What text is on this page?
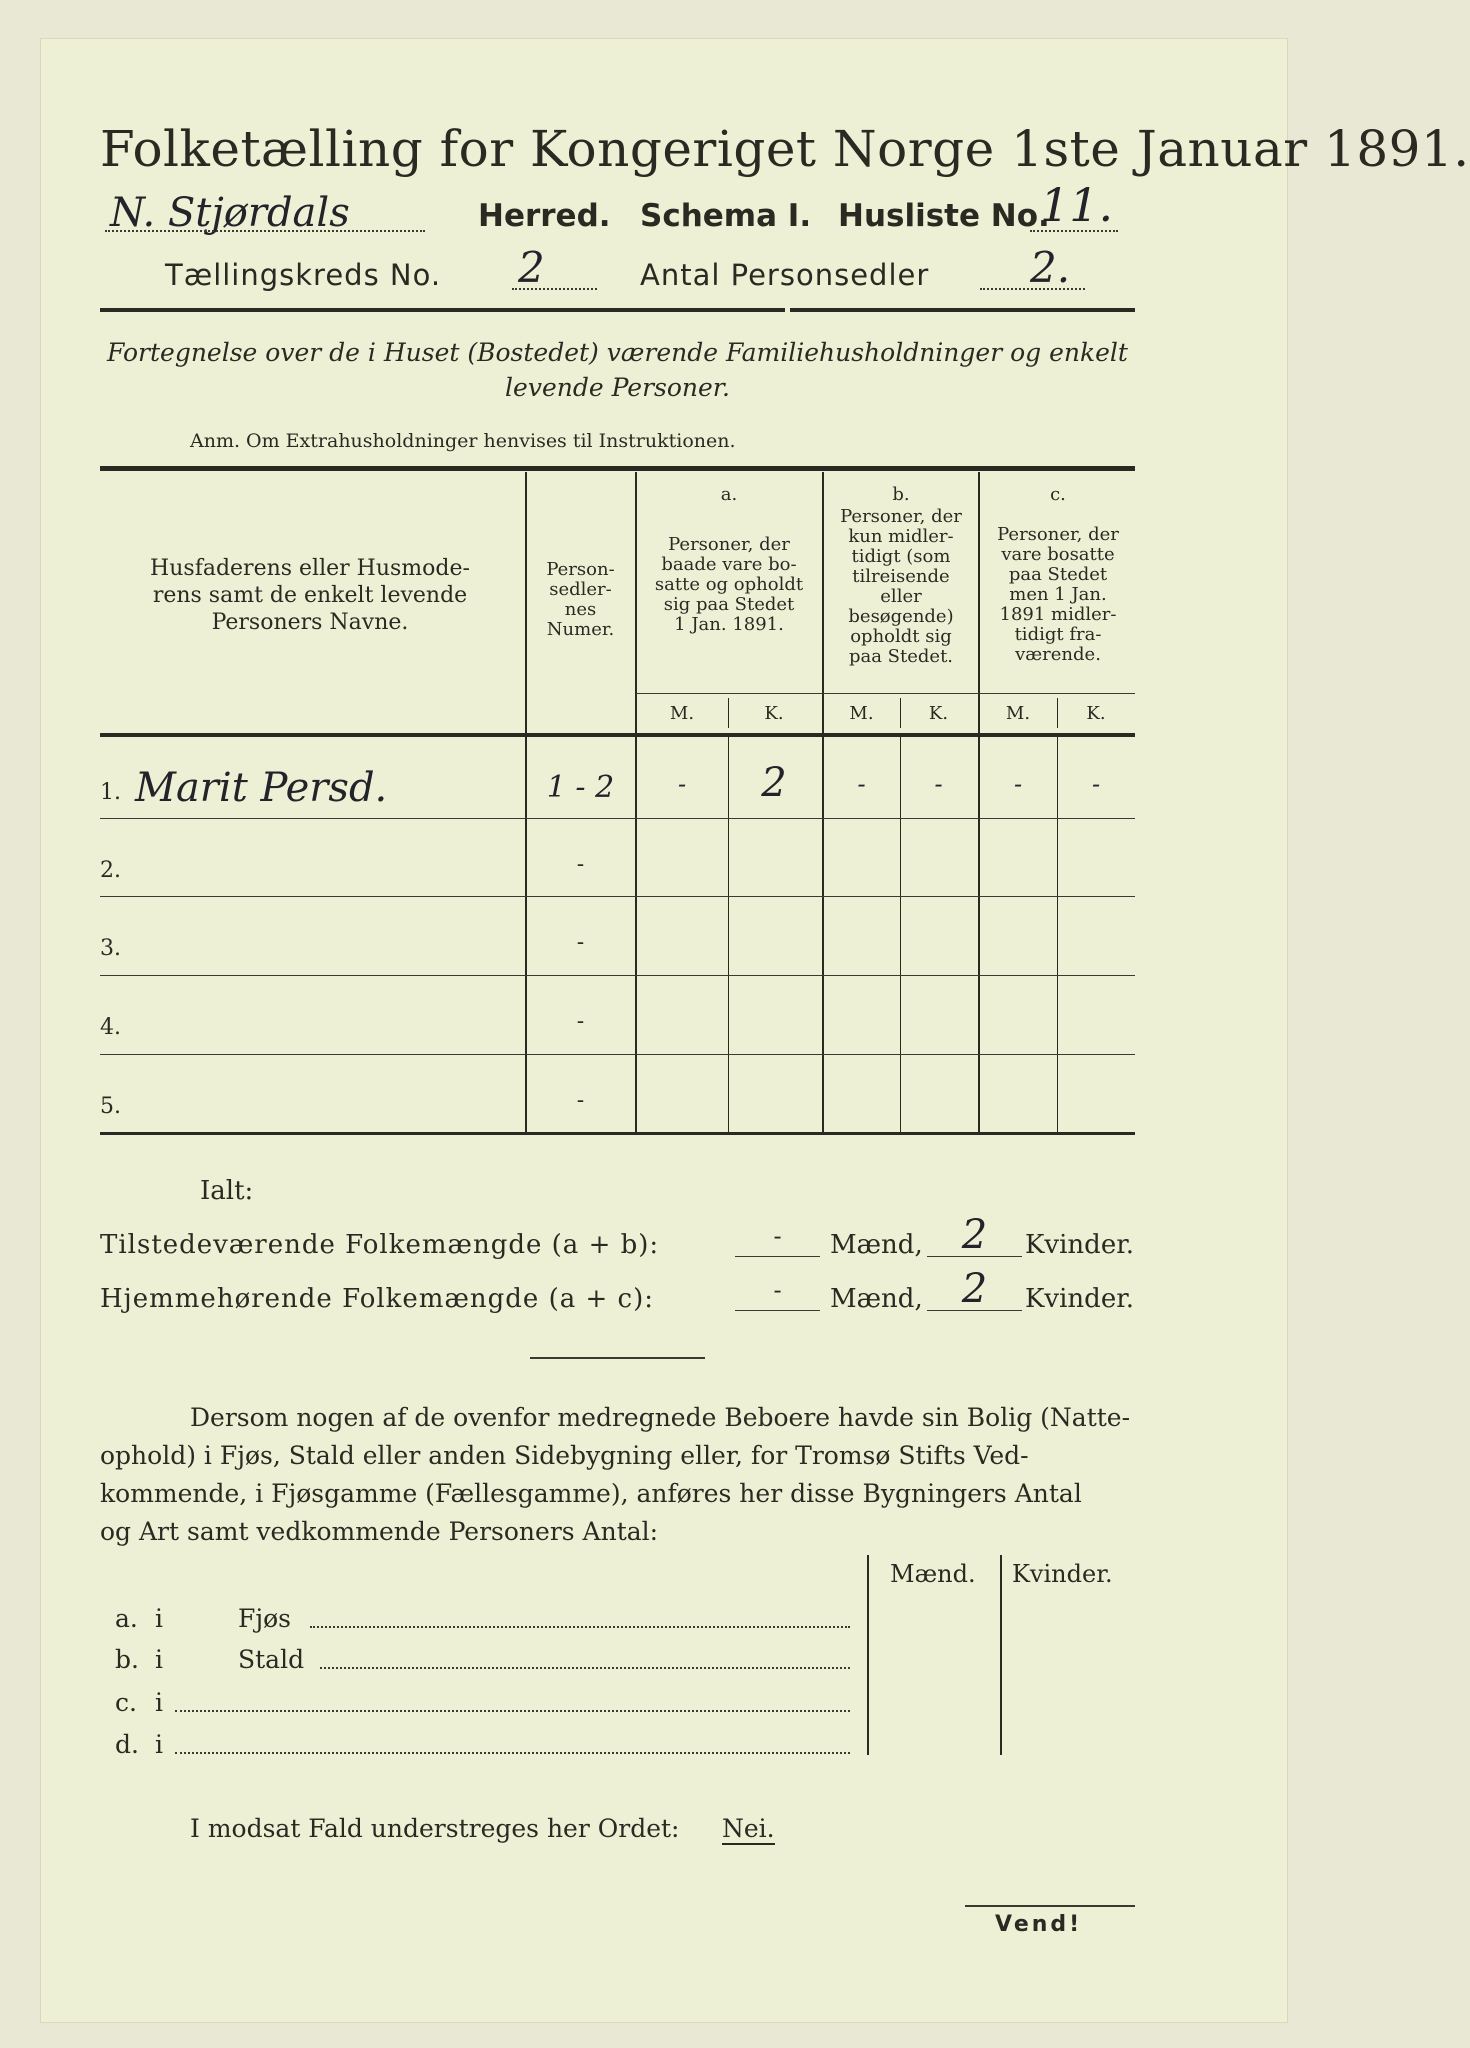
Folketælling for Kongeriget Norge 1ste Januar 1891.
N. Stjørdals	Herred. Schema I. Husliste No.
11.
Tællingskreds No. 2	Antal Personsedler 2.
Fortegnelse over de i Huset (Bostedet) værende Familiehusholdninger og enkelt
levende Personer.
Anm. Om Extrahusholdninger henvises til Instruktionen.
Husfaderens eller Husmode-
rens samt de enkelt levende
Personers Navne.
Person-
sedler-
nes
Numer.
a.
Personer, der
baade vare bo-
satte og opholdt
sig paa Stedet
1 Jan. 1891.
b.
Personer, der
kun midler-
tidigt (som
tilreisende
eller
besøgende)
opholdt sig
paa Stedet.
c.
Personer, der
vare bosatte
paa Stedet
men 1 Jan.
1891 midler-
tidigt fra-
værende.
M.	K.	M.	K.	M.	K.
1. Marit Persd.	1 - 2	-	2	-	-	-	-
2.	-
3.	-
4.	-
5.	-
Ialt:
Tilstedeværende Folkemængde (a + b):	-	Mænd, 2	Kvinder.
Hjemmehørende Folkemængde (a + c):	-	Mænd, 2	Kvinder.
Dersom nogen af de ovenfor medregnede Beboere havde sin Bolig (Natte-
ophold) i Fjøs, Stald eller anden Sidebygning eller, for Tromsø Stifts Ved-
kommende, i Fjøsgamme (Fællesgamme), anføres her disse Bygningers Antal
og Art samt vedkommende Personers Antal:
Mænd. Kvinder.
a. i	Fjøs
b. i	Stald
c. i
d. i
I modsat Fald understreges her Ordet: Nei.
Vend!
